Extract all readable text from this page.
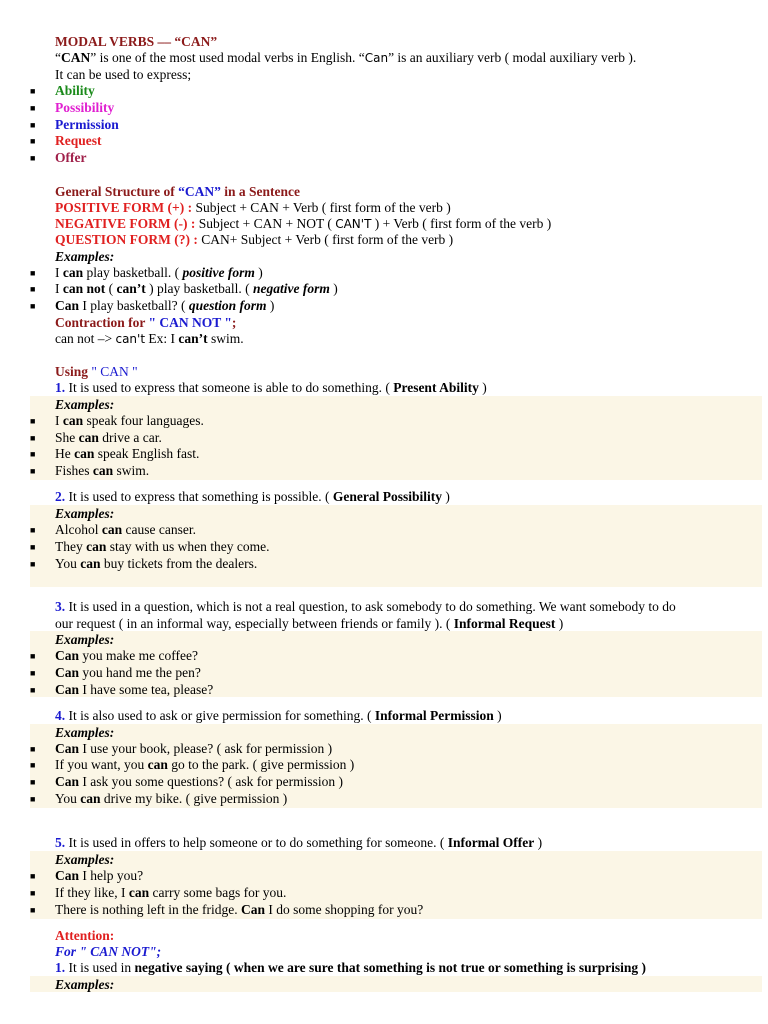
MODAL VERBS –– “CAN”
“CAN” is one of the most used modal verbs in English. “Can” is an auxiliary verb ( modal auxiliary verb ).
It can be used to express;
■ Ability
■ Possibility
■ Permission
■ Request
■ Offer
General Structure of “CAN” in a Sentence
POSITIVE FORM (+) : Subject + CAN + Verb ( first form of the verb )
NEGATIVE FORM (-) : Subject + CAN + NOT ( CAN'T ) + Verb ( first form of the verb )
QUESTION FORM (?) : CAN+ Subject + Verb ( first form of the verb )
Examples:
■ I can play basketball. ( positive form )
■ I can not ( can’t ) play basketball. ( negative form )
■ Can I play basketball? ( question form )
Contraction for " CAN NOT ";
can not –> can't Ex: I can’t swim.
Using " CAN "
1. It is used to express that someone is able to do something. ( Present Ability )
Examples:
■ I can speak four languages.
■ She can drive a car.
■ He can speak English fast.
■ Fishes can swim.
2. It is used to express that something is possible. ( General Possibility )
Examples:
■ Alcohol can cause canser.
■ They can stay with us when they come.
■ You can buy tickets from the dealers.
3. It is used in a question, which is not a real question, to ask somebody to do something. We want somebody to do
our request ( in an informal way, especially between friends or family ). ( Informal Request )
Examples:
■ Can you make me coffee?
■ Can you hand me the pen?
■ Can I have some tea, please?
4. It is also used to ask or give permission for something. ( Informal Permission )
Examples:
■ Can I use your book, please? ( ask for permission )
■ If you want, you can go to the park. ( give permission )
■ Can I ask you some questions? ( ask for permission )
■ You can drive my bike. ( give permission )
5. It is used in offers to help someone or to do something for someone. ( Informal Offer )
Examples:
■ Can I help you?
■ If they like, I can carry some bags for you.
■ There is nothing left in the fridge. Can I do some shopping for you?
Attention:
For " CAN NOT";
1. It is used in negative saying ( when we are sure that something is not true or something is surprising )
Examples:
